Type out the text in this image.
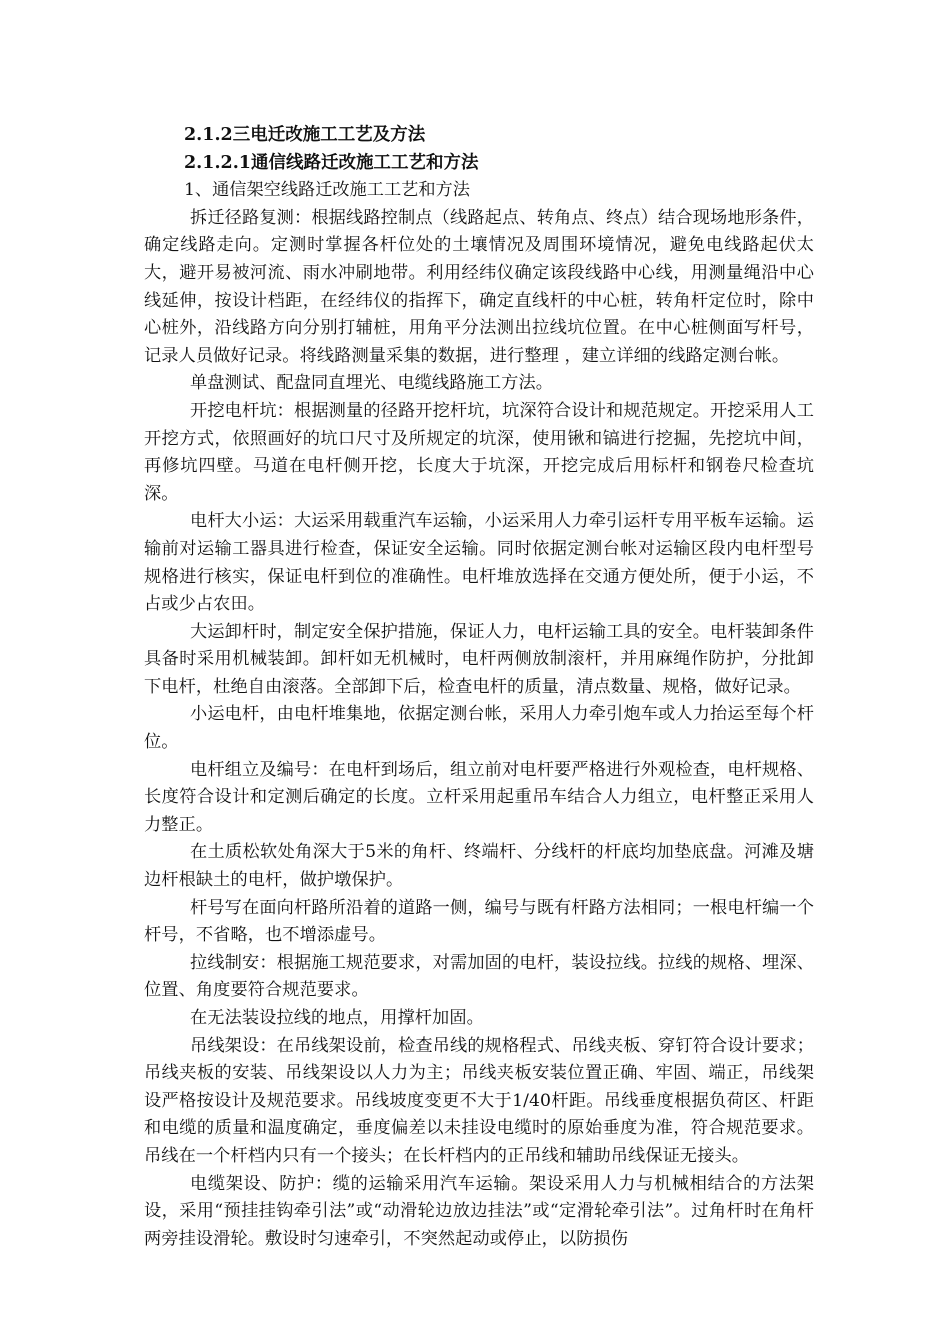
2.1.2三电迁改施工工艺及方法

2.1.2.1通信线路迁改施工工艺和方法

1、通信架空线路迁改施工工艺和方法

拆迁径路复测：根据线路控制点（线路起点、转角点、终点）结合现场地形条件，确定线路走向。定测时掌握各杆位处的土壤情况及周围环境情况，避免电线路起伏太大，避开易被河流、雨水冲刷地带。利用经纬仪确定该段线路中心线，用测量绳沿中心线延伸，按设计档距，在经纬仪的指挥下，确定直线杆的中心桩，转角杆定位时，除中心桩外，沿线路方向分别打辅桩，用角平分法测出拉线坑位置。在中心桩侧面写杆号，记录人员做好记录。将线路测量采集的数据，进行整理 ，建立详细的线路定测台帐。

单盘测试、配盘同直埋光、电缆线路施工方法。

开挖电杆坑：根据测量的径路开挖杆坑，坑深符合设计和规范规定。开挖采用人工开挖方式，依照画好的坑口尺寸及所规定的坑深，使用锹和镐进行挖掘，先挖坑中间，再修坑四壁。马道在电杆侧开挖，长度大于坑深，开挖完成后用标杆和钢卷尺检查坑深。

电杆大小运：大运采用载重汽车运输，小运采用人力牵引运杆专用平板车运输。运输前对运输工器具进行检查，保证安全运输。同时依据定测台帐对运输区段内电杆型号规格进行核实，保证电杆到位的准确性。电杆堆放选择在交通方便处所，便于小运，不占或少占农田。

大运卸杆时，制定安全保护措施，保证人力，电杆运输工具的安全。电杆装卸条件具备时采用机械装卸。卸杆如无机械时，电杆两侧放制滚杆，并用麻绳作防护，分批卸下电杆，杜绝自由滚落。全部卸下后，检查电杆的质量，清点数量、规格，做好记录。

小运电杆，由电杆堆集地，依据定测台帐，采用人力牵引炮车或人力抬运至每个杆位。

电杆组立及编号：在电杆到场后，组立前对电杆要严格进行外观检查，电杆规格、长度符合设计和定测后确定的长度。立杆采用起重吊车结合人力组立，电杆整正采用人力整正。

在土质松软处角深大于5米的角杆、终端杆、分线杆的杆底均加垫底盘。河滩及塘边杆根缺土的电杆，做护墩保护。

杆号写在面向杆路所沿着的道路一侧，编号与既有杆路方法相同；一根电杆编一个杆号，不省略，也不增添虚号。

拉线制安：根据施工规范要求，对需加固的电杆，装设拉线。拉线的规格、埋深、位置、角度要符合规范要求。

在无法装设拉线的地点，用撑杆加固。

吊线架设：在吊线架设前，检查吊线的规格程式、吊线夹板、穿钉符合设计要求；吊线夹板的安装、吊线架设以人力为主；吊线夹板安装位置正确、牢固、端正，吊线架设严格按设计及规范要求。吊线坡度变更不大于1/40杆距。吊线垂度根据负荷区、杆距和电缆的质量和温度确定，垂度偏差以未挂设电缆时的原始垂度为准，符合规范要求。吊线在一个杆档内只有一个接头；在长杆档内的正吊线和辅助吊线保证无接头。

电缆架设、防护：缆的运输采用汽车运输。架设采用人力与机械相结合的方法架设，采用“预挂挂钩牵引法”或“动滑轮边放边挂法”或“定滑轮牵引法”。过角杆时在角杆两旁挂设滑轮。敷设时匀速牵引，不突然起动或停止，以防损伤
